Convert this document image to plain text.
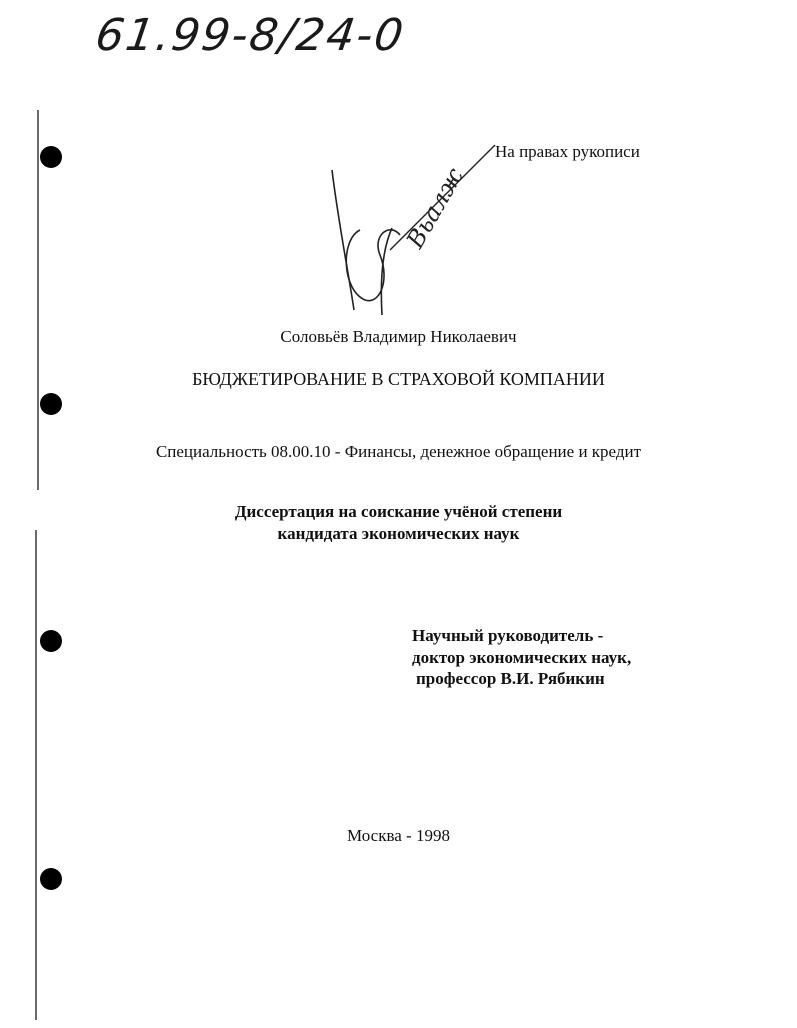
61.99-8/24-0
На правах рукописи
Вьалж
Соловьёв Владимир Николаевич
БЮДЖЕТИРОВАНИЕ В СТРАХОВОЙ КОМПАНИИ
Специальность 08.00.10 - Финансы, денежное обращение и кредит
Диссертация на соискание учёной степени
кандидата экономических наук
Научный руководитель -
доктор экономических наук,
профессор В.И. Рябикин
Москва - 1998
